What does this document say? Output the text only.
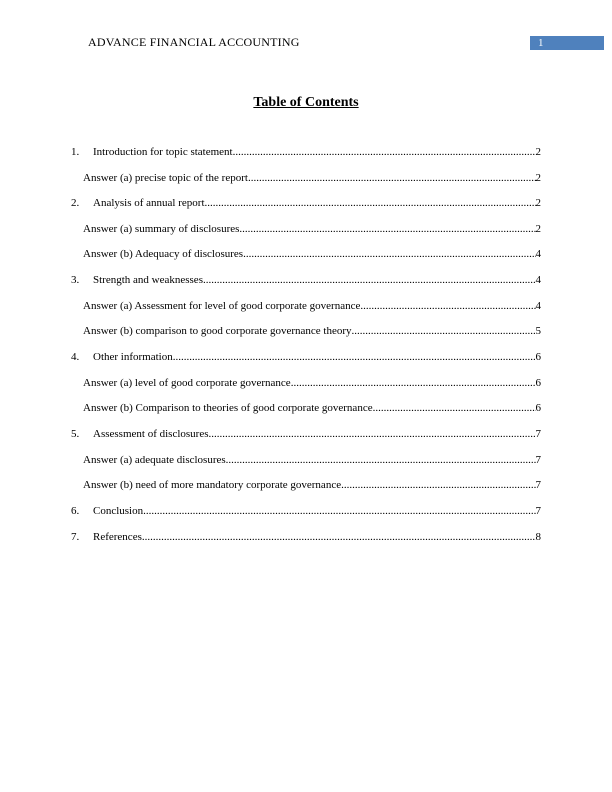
ADVANCE FINANCIAL ACCOUNTING	1
Table of Contents
1.	Introduction for topic statement .....	2
Answer (a) precise topic of the report .....	2
2.	Analysis of annual report .....	2
Answer (a) summary of disclosures .....	2
Answer (b) Adequacy of disclosures .....	4
3.	Strength and weaknesses .....	4
Answer (a) Assessment for level of good corporate governance .....	4
Answer (b) comparison to good corporate governance theory .....	5
4.	Other information .....	6
Answer (a) level of good corporate governance .....	6
Answer (b) Comparison to theories of good corporate governance .....	6
5.	Assessment of disclosures .....	7
Answer (a) adequate disclosures .....	7
Answer (b) need of more mandatory corporate governance .....	7
6.	Conclusion .....	7
7.	References .....	8
